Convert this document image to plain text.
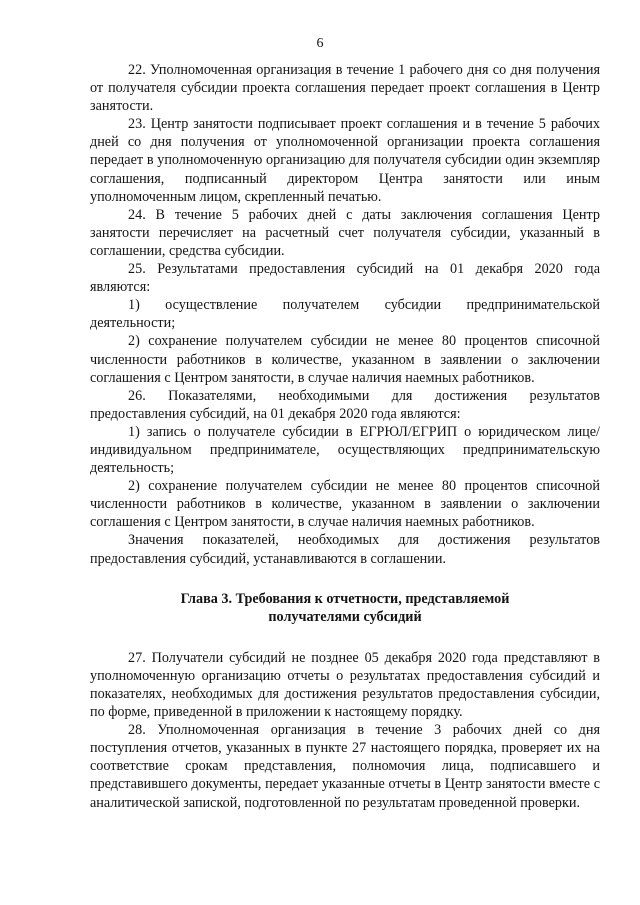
6

22. Уполномоченная организация в течение 1 рабочего дня со дня получения от получателя субсидии проекта соглашения передает проект соглашения в Центр занятости.

23. Центр занятости подписывает проект соглашения и в течение 5 рабочих дней со дня получения от уполномоченной организации проекта соглашения передает в уполномоченную организацию для получателя субсидии один экземпляр соглашения, подписанный директором Центра занятости или иным уполномоченным лицом, скрепленный печатью.

24. В течение 5 рабочих дней с даты заключения соглашения Центр занятости перечисляет на расчетный счет получателя субсидии, указанный в соглашении, средства субсидии.

25. Результатами предоставления субсидий на 01 декабря 2020 года являются:

1) осуществление получателем субсидии предпринимательской деятельности;

2) сохранение получателем субсидии не менее 80 процентов списочной численности работников в количестве, указанном в заявлении о заключении соглашения с Центром занятости, в случае наличия наемных работников.

26. Показателями, необходимыми для достижения результатов предоставления субсидий, на 01 декабря 2020 года являются:

1) запись о получателе субсидии в ЕГРЮЛ/ЕГРИП о юридическом лице/индивидуальном предпринимателе, осуществляющих предпринимательскую деятельность;

2) сохранение получателем субсидии не менее 80 процентов списочной численности работников в количестве, указанном в заявлении о заключении соглашения с Центром занятости, в случае наличия наемных работников.

Значения показателей, необходимых для достижения результатов предоставления субсидий, устанавливаются в соглашении.

Глава 3. Требования к отчетности, представляемой
получателями субсидий

27. Получатели субсидий не позднее 05 декабря 2020 года представляют в уполномоченную организацию отчеты о результатах предоставления субсидий и показателях, необходимых для достижения результатов предоставления субсидии, по форме, приведенной в приложении к настоящему порядку.

28. Уполномоченная организация в течение 3 рабочих дней со дня поступления отчетов, указанных в пункте 27 настоящего порядка, проверяет их на соответствие срокам представления, полномочия лица, подписавшего и представившего документы, передает указанные отчеты в Центр занятости вместе с аналитической запиской, подготовленной по результатам проведенной проверки.
